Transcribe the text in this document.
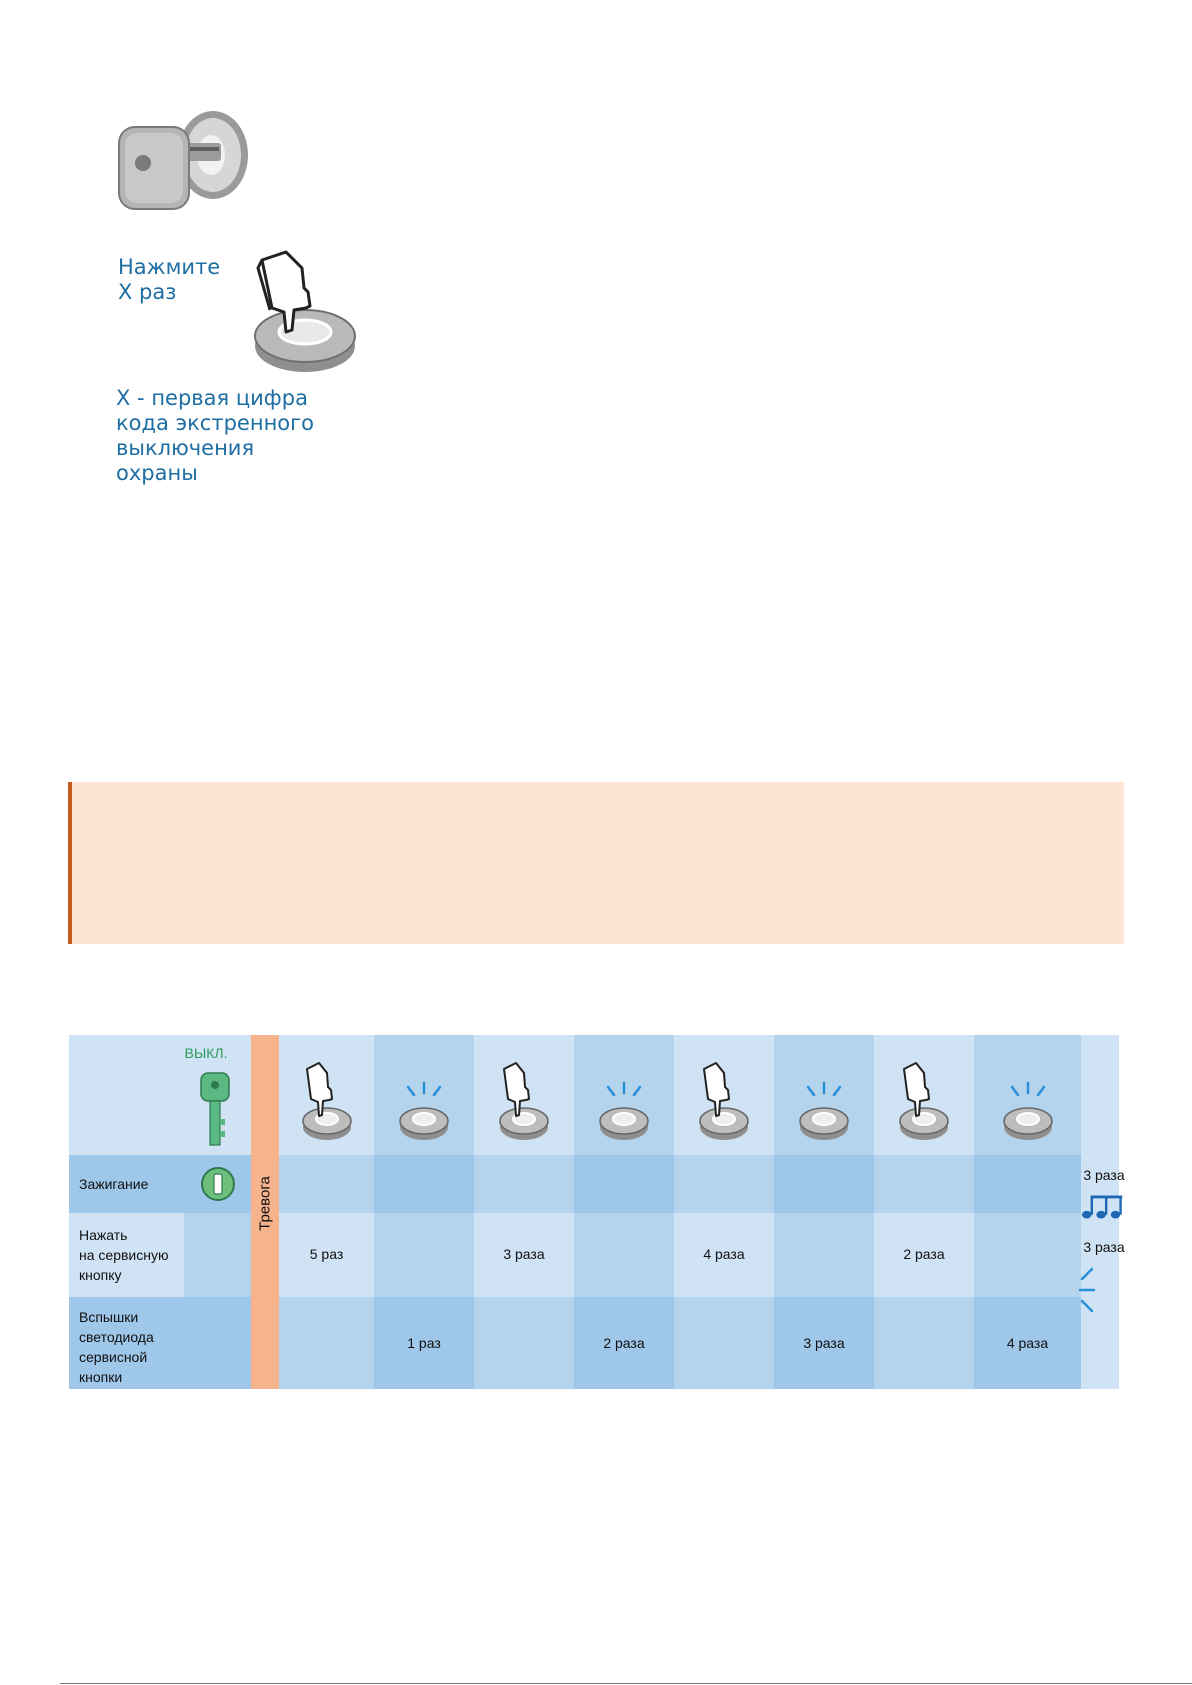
Нажмите
X раз
X - первая цифра
кода экстренного
выключения
охраны
ВЫКЛ.
Тревога
Зажигание
Нажать
на сервисную
кнопку
Вспышки
светодиода
сервисной
кнопки
5 раз
1 раз
3 раза
2 раза
4 раза
3 раза
2 раза
4 раза
3 раза
3 раза
